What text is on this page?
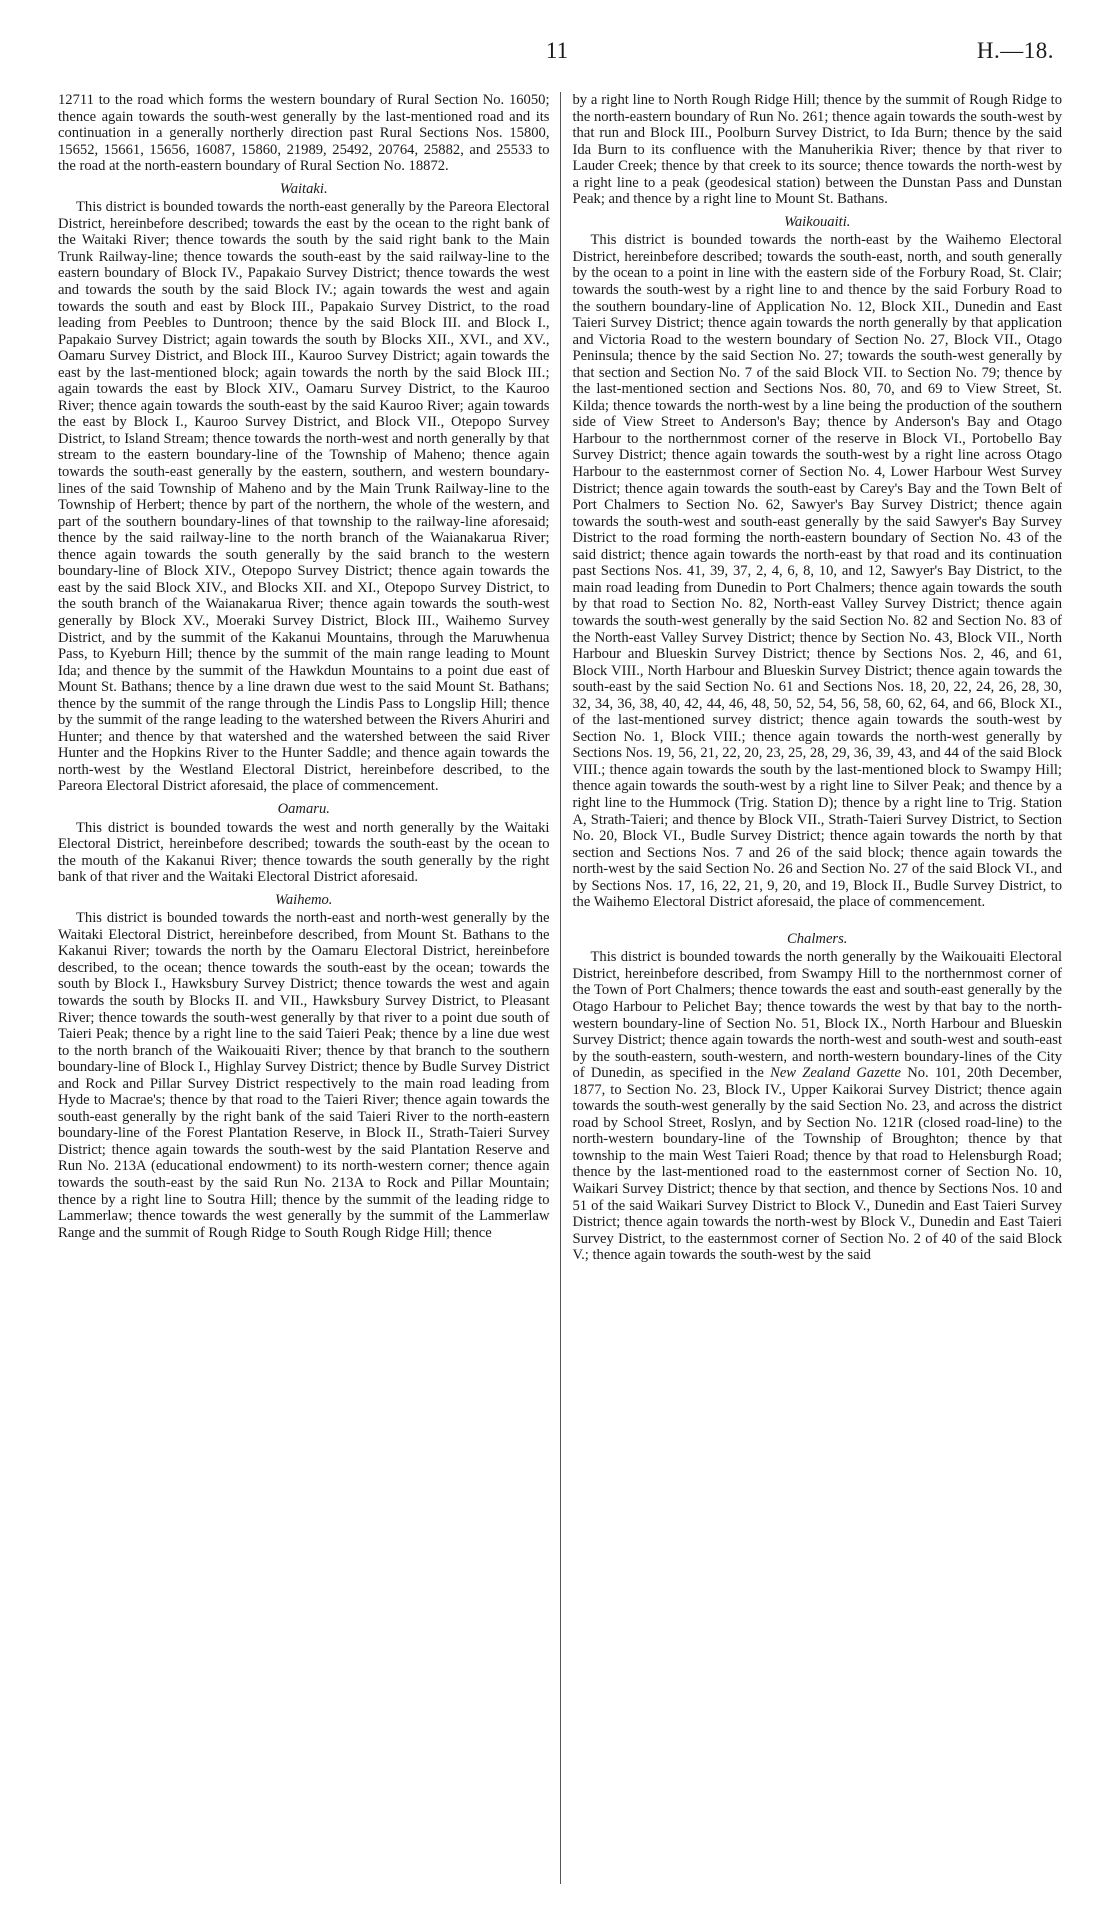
11	H.—18.

12711 to the road which forms the western boundary of Rural Section No. 16050; thence again towards the south-west generally by the last-mentioned road and its continuation in a generally northerly direction past Rural Sections Nos. 15800, 15652, 15661, 15656, 16087, 15860, 21989, 25492, 20764, 25882, and 25533 to the road at the north-eastern boundary of Rural Section No. 18872.

Waitaki.

This district is bounded towards the north-east generally by the Pareora Electoral District, hereinbefore described; towards the east by the ocean to the right bank of the Waitaki River; thence towards the south by the said right bank to the Main Trunk Railway-line; thence towards the south-east by the said railway-line to the eastern boundary of Block IV., Papakaio Survey District; thence towards the west and towards the south by the said Block IV.; again towards the west and again towards the south and east by Block III., Papakaio Survey District, to the road leading from Peebles to Duntroon; thence by the said Block III. and Block I., Papakaio Survey District; again towards the south by Blocks XII., XVI., and XV., Oamaru Survey District, and Block III., Kauroo Survey District; again towards the east by the last-mentioned block; again towards the north by the said Block III.; again towards the east by Block XIV., Oamaru Survey District, to the Kauroo River; thence again towards the south-east by the said Kauroo River; again towards the east by Block I., Kauroo Survey District, and Block VII., Otepopo Survey District, to Island Stream; thence towards the north-west and north generally by that stream to the eastern boundary-line of the Township of Maheno; thence again towards the south-east generally by the eastern, southern, and western boundary-lines of the said Township of Maheno and by the Main Trunk Railway-line to the Township of Herbert; thence by part of the northern, the whole of the western, and part of the southern boundary-lines of that township to the railway-line aforesaid; thence by the said railway-line to the north branch of the Waianakarua River; thence again towards the south generally by the said branch to the western boundary-line of Block XIV., Otepopo Survey District; thence again towards the east by the said Block XIV., and Blocks XII. and XI., Otepopo Survey District, to the south branch of the Waianakarua River; thence again towards the south-west generally by Block XV., Moeraki Survey District, Block III., Waihemo Survey District, and by the summit of the Kakanui Mountains, through the Maruwhenua Pass, to Kyeburn Hill; thence by the summit of the main range leading to Mount Ida; and thence by the summit of the Hawkdun Mountains to a point due east of Mount St. Bathans; thence by a line drawn due west to the said Mount St. Bathans; thence by the summit of the range through the Lindis Pass to Longslip Hill; thence by the summit of the range leading to the watershed between the Rivers Ahuriri and Hunter; and thence by that watershed and the watershed between the said River Hunter and the Hopkins River to the Hunter Saddle; and thence again towards the north-west by the Westland Electoral District, hereinbefore described, to the Pareora Electoral District aforesaid, the place of commencement.

Oamaru.

This district is bounded towards the west and north generally by the Waitaki Electoral District, hereinbefore described; towards the south-east by the ocean to the mouth of the Kakanui River; thence towards the south generally by the right bank of that river and the Waitaki Electoral District aforesaid.

Waihemo.

This district is bounded towards the north-east and north-west generally by the Waitaki Electoral District, hereinbefore described, from Mount St. Bathans to the Kakanui River; towards the north by the Oamaru Electoral District, hereinbefore described, to the ocean; thence towards the south-east by the ocean; towards the south by Block I., Hawksbury Survey District; thence towards the west and again towards the south by Blocks II. and VII., Hawksbury Survey District, to Pleasant River; thence towards the south-west generally by that river to a point due south of Taieri Peak; thence by a right line to the said Taieri Peak; thence by a line due west to the north branch of the Waikouaiti River; thence by that branch to the southern boundary-line of Block I., Highlay Survey District; thence by Budle Survey District and Rock and Pillar Survey District respectively to the main road leading from Hyde to Macrae's; thence by that road to the Taieri River; thence again towards the south-east generally by the right bank of the said Taieri River to the north-eastern boundary-line of the Forest Plantation Reserve, in Block II., Strath-Taieri Survey District; thence again towards the south-west by the said Plantation Reserve and Run No. 213A (educational endowment) to its north-western corner; thence again towards the south-east by the said Run No. 213A to Rock and Pillar Mountain; thence by a right line to Soutra Hill; thence by the summit of the leading ridge to Lammerlaw; thence towards the west generally by the summit of the Lammerlaw Range and the summit of Rough Ridge to South Rough Ridge Hill; thence

by a right line to North Rough Ridge Hill; thence by the summit of Rough Ridge to the north-eastern boundary of Run No. 261; thence again towards the south-west by that run and Block III., Poolburn Survey District, to Ida Burn; thence by the said Ida Burn to its confluence with the Manuherikia River; thence by that river to Lauder Creek; thence by that creek to its source; thence towards the north-west by a right line to a peak (geodesical station) between the Dunstan Pass and Dunstan Peak; and thence by a right line to Mount St. Bathans.

Waikouaiti.

This district is bounded towards the north-east by the Waihemo Electoral District, hereinbefore described; towards the south-east, north, and south generally by the ocean to a point in line with the eastern side of the Forbury Road, St. Clair; towards the south-west by a right line to and thence by the said Forbury Road to the southern boundary-line of Application No. 12, Block XII., Dunedin and East Taieri Survey District; thence again towards the north generally by that application and Victoria Road to the western boundary of Section No. 27, Block VII., Otago Peninsula; thence by the said Section No. 27; towards the south-west generally by that section and Section No. 7 of the said Block VII. to Section No. 79; thence by the last-mentioned section and Sections Nos. 80, 70, and 69 to View Street, St. Kilda; thence towards the north-west by a line being the production of the southern side of View Street to Anderson's Bay; thence by Anderson's Bay and Otago Harbour to the northernmost corner of the reserve in Block VI., Portobello Bay Survey District; thence again towards the south-west by a right line across Otago Harbour to the easternmost corner of Section No. 4, Lower Harbour West Survey District; thence again towards the south-east by Carey's Bay and the Town Belt of Port Chalmers to Section No. 62, Sawyer's Bay Survey District; thence again towards the south-west and south-east generally by the said Sawyer's Bay Survey District to the road forming the north-eastern boundary of Section No. 43 of the said district; thence again towards the north-east by that road and its continuation past Sections Nos. 41, 39, 37, 2, 4, 6, 8, 10, and 12, Sawyer's Bay District, to the main road leading from Dunedin to Port Chalmers; thence again towards the south by that road to Section No. 82, North-east Valley Survey District; thence again towards the south-west generally by the said Section No. 82 and Section No. 83 of the North-east Valley Survey District; thence by Section No. 43, Block VII., North Harbour and Blueskin Survey District; thence by Sections Nos. 2, 46, and 61, Block VIII., North Harbour and Blueskin Survey District; thence again towards the south-east by the said Section No. 61 and Sections Nos. 18, 20, 22, 24, 26, 28, 30, 32, 34, 36, 38, 40, 42, 44, 46, 48, 50, 52, 54, 56, 58, 60, 62, 64, and 66, Block XI., of the last-mentioned survey district; thence again towards the south-west by Section No. 1, Block VIII.; thence again towards the north-west generally by Sections Nos. 19, 56, 21, 22, 20, 23, 25, 28, 29, 36, 39, 43, and 44 of the said Block VIII.; thence again towards the south by the last-mentioned block to Swampy Hill; thence again towards the south-west by a right line to Silver Peak; and thence by a right line to the Hummock (Trig. Station D); thence by a right line to Trig. Station A, Strath-Taieri; and thence by Block VII., Strath-Taieri Survey District, to Section No. 20, Block VI., Budle Survey District; thence again towards the north by that section and Sections Nos. 7 and 26 of the said block; thence again towards the north-west by the said Section No. 26 and Section No. 27 of the said Block VI., and by Sections Nos. 17, 16, 22, 21, 9, 20, and 19, Block II., Budle Survey District, to the Waihemo Electoral District aforesaid, the place of commencement.

Chalmers.

This district is bounded towards the north generally by the Waikouaiti Electoral District, hereinbefore described, from Swampy Hill to the northernmost corner of the Town of Port Chalmers; thence towards the east and south-east generally by the Otago Harbour to Pelichet Bay; thence towards the west by that bay to the north-western boundary-line of Section No. 51, Block IX., North Harbour and Blueskin Survey District; thence again towards the north-west and south-west and south-east by the south-eastern, south-western, and north-western boundary-lines of the City of Dunedin, as specified in the New Zealand Gazette No. 101, 20th December, 1877, to Section No. 23, Block IV., Upper Kaikorai Survey District; thence again towards the south-west generally by the said Section No. 23, and across the district road by School Street, Roslyn, and by Section No. 121R (closed road-line) to the north-western boundary-line of the Township of Broughton; thence by that township to the main West Taieri Road; thence by that road to Helensburgh Road; thence by the last-mentioned road to the easternmost corner of Section No. 10, Waikari Survey District; thence by that section, and thence by Sections Nos. 10 and 51 of the said Waikari Survey District to Block V., Dunedin and East Taieri Survey District; thence again towards the north-west by Block V., Dunedin and East Taieri Survey District, to the easternmost corner of Section No. 2 of 40 of the said Block V.; thence again towards the south-west by the said
